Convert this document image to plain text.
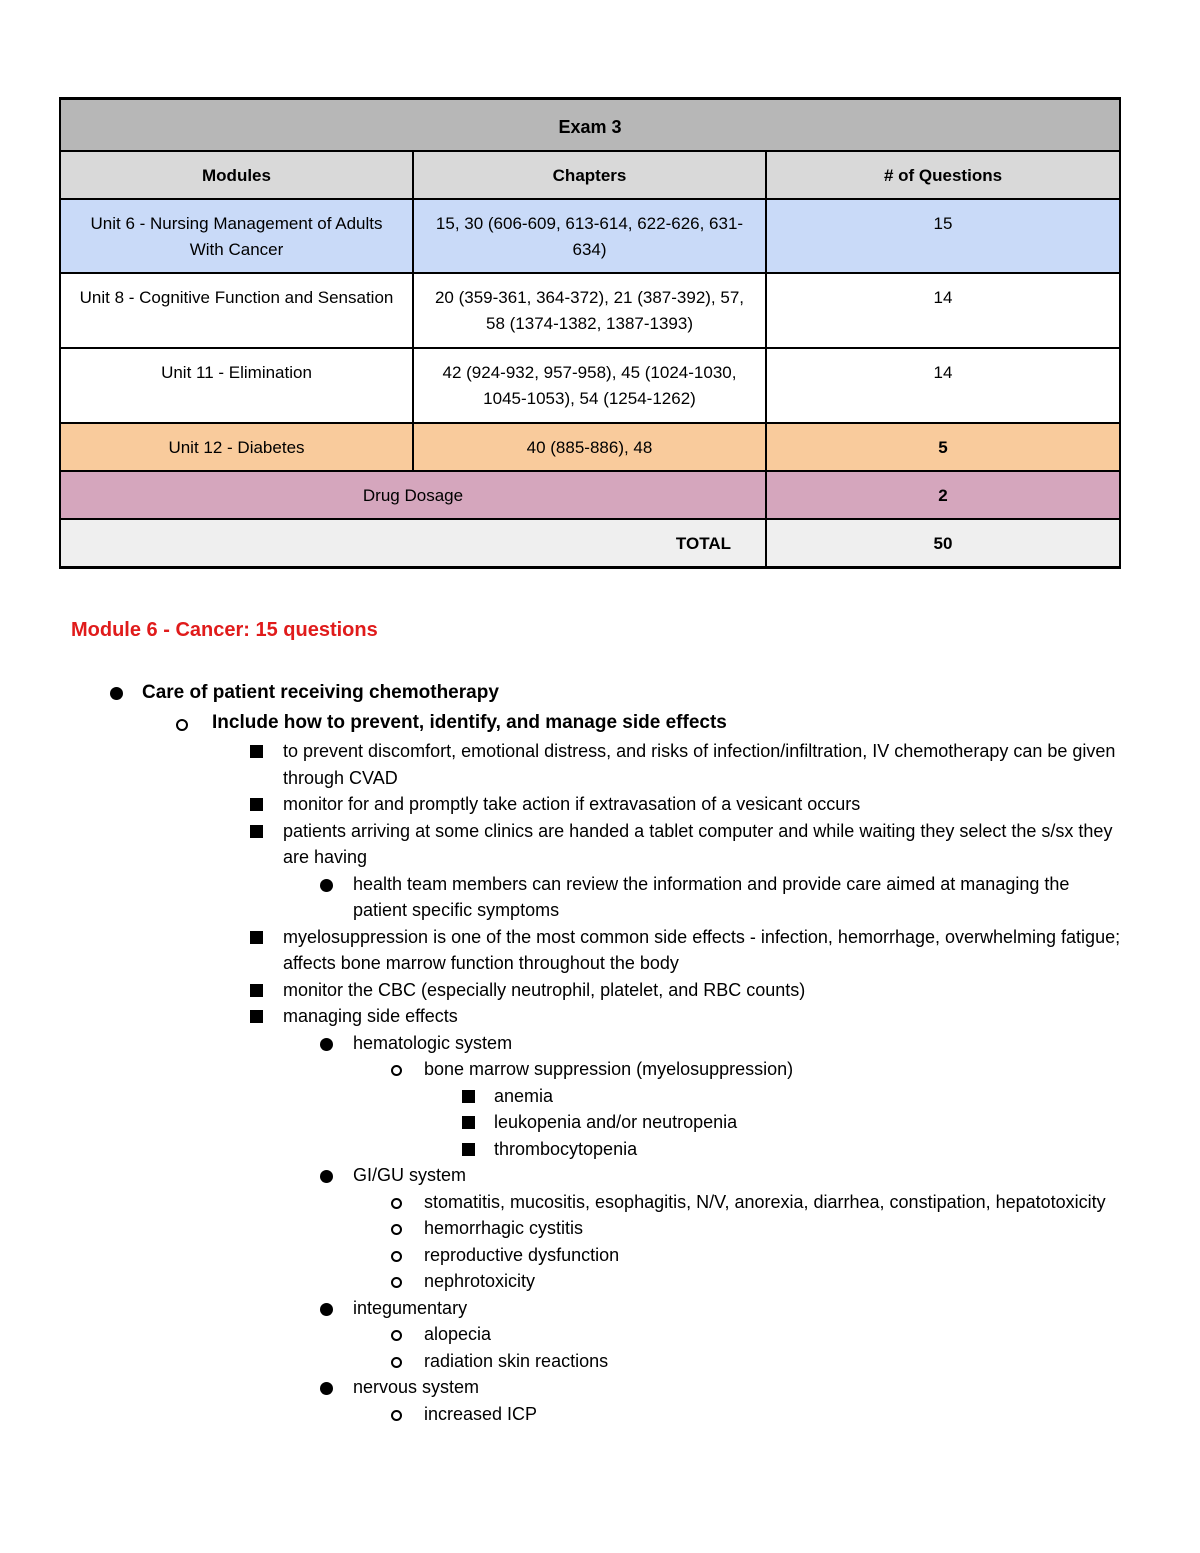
Exam 3		
Modules	Chapters	# of Questions
Unit 6 - Nursing Management of Adults With Cancer	15, 30 (606-609, 613-614, 622-626, 631-634)	15
Unit 8 - Cognitive Function and Sensation	20 (359-361, 364-372), 21 (387-392), 57, 58 (1374-1382, 1387-1393)	14
Unit 11 - Elimination	42 (924-932, 957-958), 45 (1024-1030, 1045-1053), 54 (1254-1262)	14
Unit 12 - Diabetes	40 (885-886), 48	5
Drug Dosage		2
TOTAL		50
Module 6 - Cancer: 15 questions
Care of patient receiving chemotherapy
Include how to prevent, identify, and manage side effects
to prevent discomfort, emotional distress, and risks of infection/infiltration, IV chemotherapy can be given through CVAD
monitor for and promptly take action if extravasation of a vesicant occurs
patients arriving at some clinics are handed a tablet computer and while waiting they select the s/sx they are having
health team members can review the information and provide care aimed at managing the patient specific symptoms
myelosuppression is one of the most common side effects - infection, hemorrhage, overwhelming fatigue; affects bone marrow function throughout the body
monitor the CBC (especially neutrophil, platelet, and RBC counts)
managing side effects
hematologic system
bone marrow suppression (myelosuppression)
anemia
leukopenia and/or neutropenia
thrombocytopenia
GI/GU system
stomatitis, mucositis, esophagitis, N/V, anorexia, diarrhea, constipation, hepatotoxicity
hemorrhagic cystitis
reproductive dysfunction
nephrotoxicity
integumentary
alopecia
radiation skin reactions
nervous system
increased ICP
